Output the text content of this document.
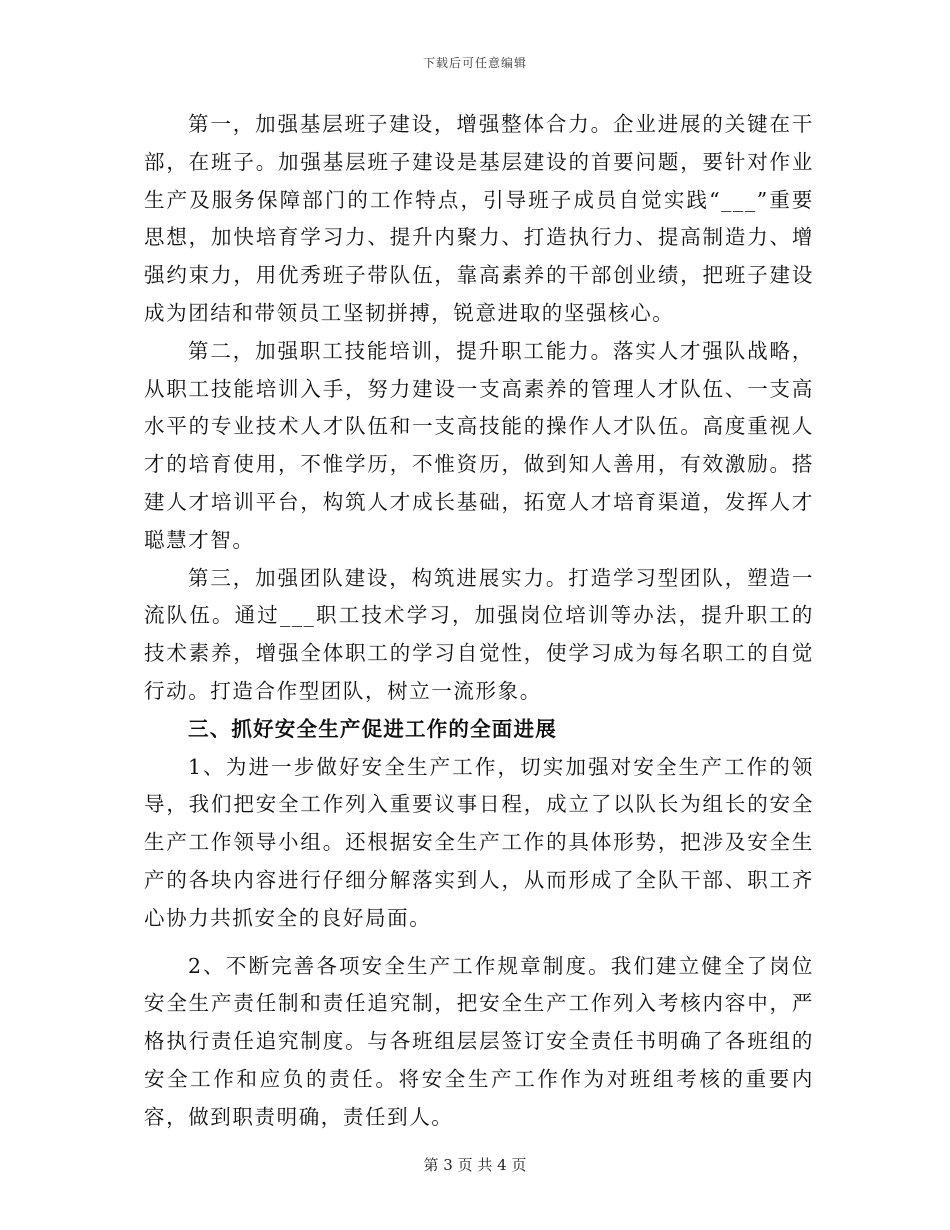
下载后可任意编辑

第一，加强基层班子建设，增强整体合力。企业进展的关键在干部，在班子。加强基层班子建设是基层建设的首要问题，要针对作业生产及服务保障部门的工作特点，引导班子成员自觉实践“___”重要思想，加快培育学习力、提升内聚力、打造执行力、提高制造力、增强约束力，用优秀班子带队伍，靠高素养的干部创业绩，把班子建设成为团结和带领员工坚韧拼搏，锐意进取的坚强核心。

第二，加强职工技能培训，提升职工能力。落实人才强队战略，从职工技能培训入手，努力建设一支高素养的管理人才队伍、一支高水平的专业技术人才队伍和一支高技能的操作人才队伍。高度重视人才的培育使用，不惟学历，不惟资历，做到知人善用，有效激励。搭建人才培训平台，构筑人才成长基础，拓宽人才培育渠道，发挥人才聪慧才智。

第三，加强团队建设，构筑进展实力。打造学习型团队，塑造一流队伍。通过___职工技术学习，加强岗位培训等办法，提升职工的技术素养，增强全体职工的学习自觉性，使学习成为每名职工的自觉行动。打造合作型团队，树立一流形象。

三、抓好安全生产促进工作的全面进展

1、为进一步做好安全生产工作，切实加强对安全生产工作的领导，我们把安全工作列入重要议事日程，成立了以队长为组长的安全生产工作领导小组。还根据安全生产工作的具体形势，把涉及安全生产的各块内容进行仔细分解落实到人，从而形成了全队干部、职工齐心协力共抓安全的良好局面。

2、不断完善各项安全生产工作规章制度。我们建立健全了岗位安全生产责任制和责任追究制，把安全生产工作列入考核内容中，严格执行责任追究制度。与各班组层层签订安全责任书明确了各班组的安全工作和应负的责任。将安全生产工作作为对班组考核的重要内容，做到职责明确，责任到人。

第 3 页 共 4 页
